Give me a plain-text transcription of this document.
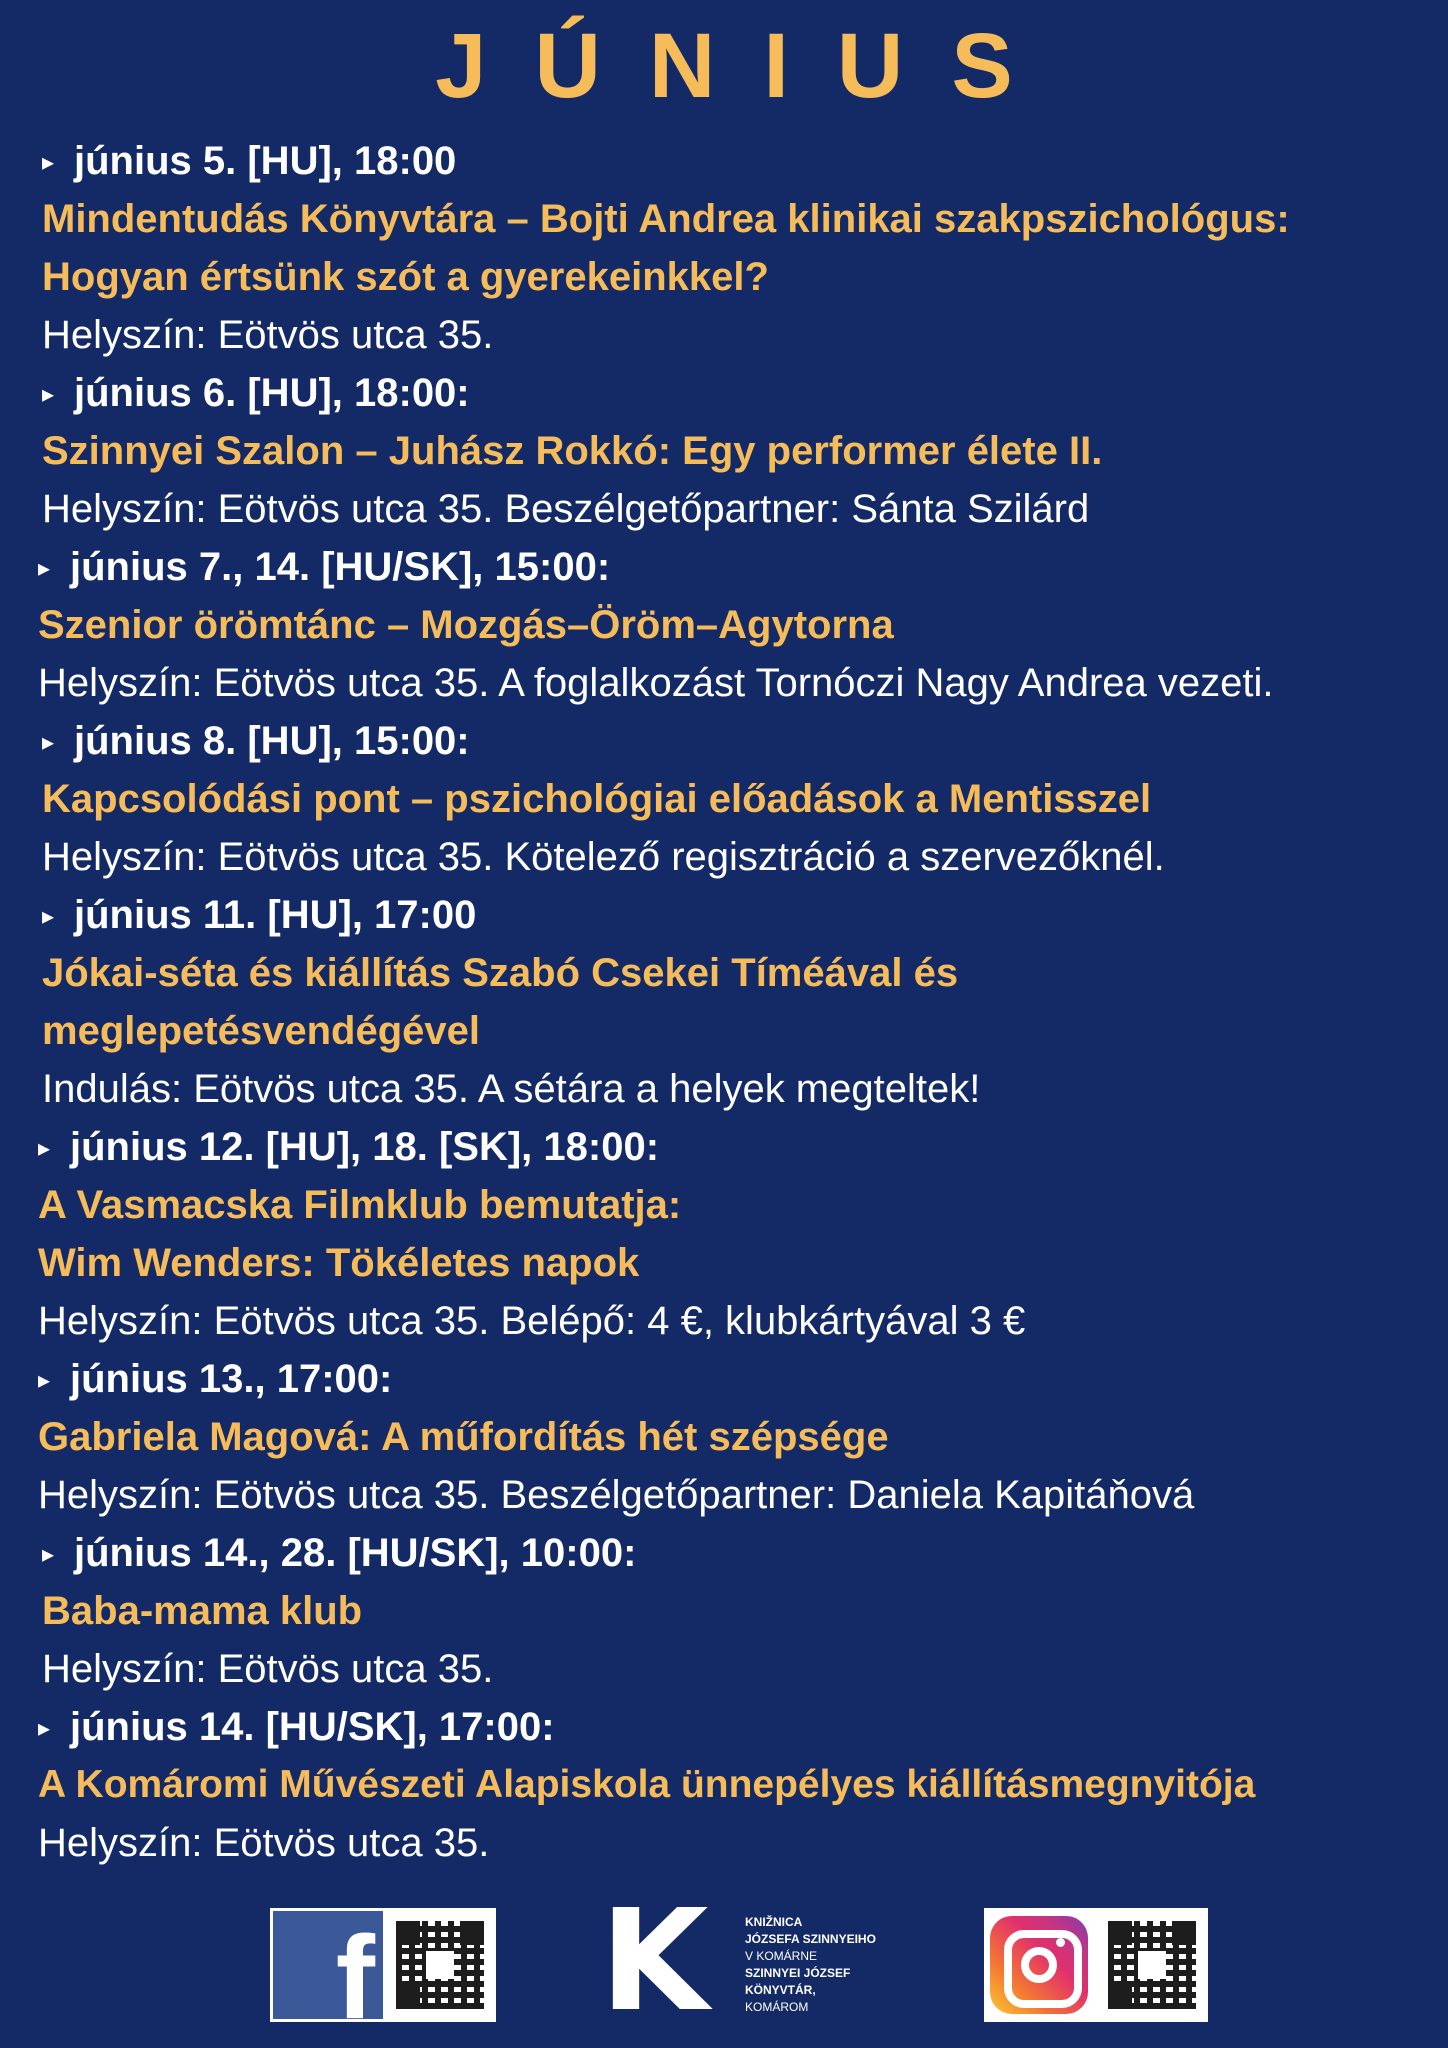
JÚNIUS
▸ június 5. [HU], 18:00
Mindentudás Könyvtára – Bojti Andrea klinikai szakpszichológus:
Hogyan értsünk szót a gyerekeinkkel?
Helyszín: Eötvös utca 35.
▸ június 6. [HU], 18:00:
Szinnyei Szalon – Juhász Rokkó: Egy performer élete II.
Helyszín: Eötvös utca 35. Beszélgetőpartner: Sánta Szilárd
▸ június 7., 14. [HU/SK], 15:00:
Szenior örömtánc – Mozgás–Öröm–Agytorna
Helyszín: Eötvös utca 35. A foglalkozást Tornóczi Nagy Andrea vezeti.
▸ június 8. [HU], 15:00:
Kapcsolódási pont – pszichológiai előadások a Mentisszel
Helyszín: Eötvös utca 35. Kötelező regisztráció a szervezőknél.
▸ június 11. [HU], 17:00
Jókai-séta és kiállítás Szabó Csekei Tíméával és
meglepetésvendégével
Indulás: Eötvös utca 35. A sétára a helyek megteltek!
▸ június 12. [HU], 18. [SK], 18:00:
A Vasmacska Filmklub bemutatja:
Wim Wenders: Tökéletes napok
Helyszín: Eötvös utca 35. Belépő: 4 €, klubkártyával 3 €
▸ június 13., 17:00:
Gabriela Magová: A műfordítás hét szépsége
Helyszín: Eötvös utca 35. Beszélgetőpartner: Daniela Kapitáňová
▸ június 14., 28. [HU/SK], 10:00:
Baba-mama klub
Helyszín: Eötvös utca 35.
▸ június 14. [HU/SK], 17:00:
A Komáromi Művészeti Alapiskola ünnepélyes kiállításmegnyitója
Helyszín: Eötvös utca 35.
f K	KNIŽNICA
JÓZSEFA SZINNYEIHO
V KOMÁRNE
SZINNYEI JÓZSEF
KÖNYVTÁR,
KOMÁROM
